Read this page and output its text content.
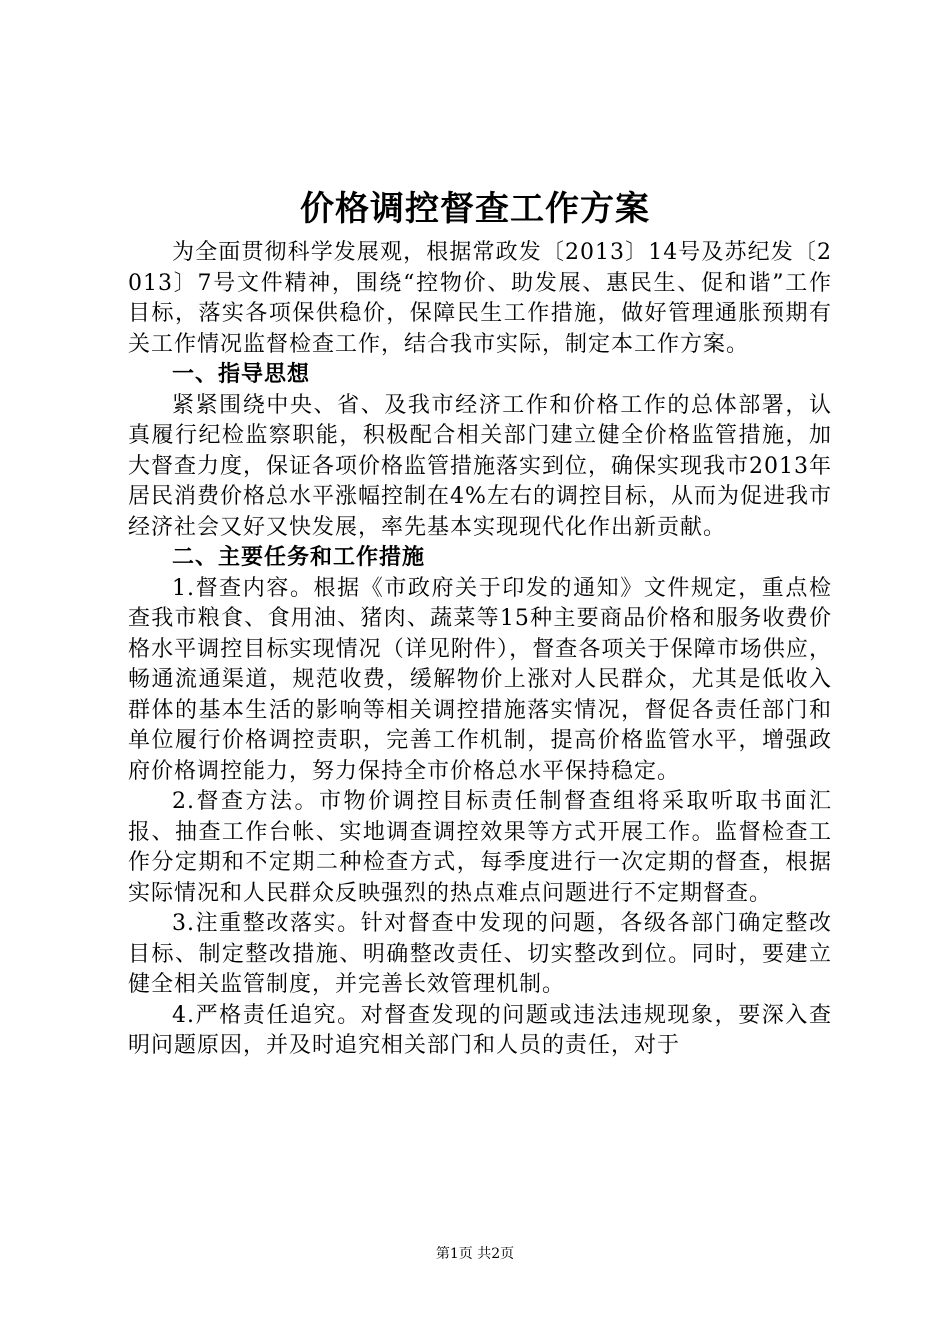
价格调控督查工作方案

为全面贯彻科学发展观，根据常政发〔2013〕14号及苏纪发〔2013〕7号文件精神，围绕“控物价、助发展、惠民生、促和谐”工作目标，落实各项保供稳价，保障民生工作措施，做好管理通胀预期有关工作情况监督检查工作，结合我市实际，制定本工作方案。

一、指导思想

紧紧围绕中央、省、及我市经济工作和价格工作的总体部署，认真履行纪检监察职能，积极配合相关部门建立健全价格监管措施，加大督查力度，保证各项价格监管措施落实到位，确保实现我市2013年居民消费价格总水平涨幅控制在4%左右的调控目标，从而为促进我市经济社会又好又快发展，率先基本实现现代化作出新贡献。

二、主要任务和工作措施

1.督查内容。根据《市政府关于印发的通知》文件规定，重点检查我市粮食、食用油、猪肉、蔬菜等15种主要商品价格和服务收费价格水平调控目标实现情况（详见附件），督查各项关于保障市场供应，畅通流通渠道，规范收费，缓解物价上涨对人民群众，尤其是低收入群体的基本生活的影响等相关调控措施落实情况，督促各责任部门和单位履行价格调控责职，完善工作机制，提高价格监管水平，增强政府价格调控能力，努力保持全市价格总水平保持稳定。

2.督查方法。市物价调控目标责任制督查组将采取听取书面汇报、抽查工作台帐、实地调查调控效果等方式开展工作。监督检查工作分定期和不定期二种检查方式，每季度进行一次定期的督查，根据实际情况和人民群众反映强烈的热点难点问题进行不定期督查。

3.注重整改落实。针对督查中发现的问题，各级各部门确定整改目标、制定整改措施、明确整改责任、切实整改到位。同时，要建立健全相关监管制度，并完善长效管理机制。

4.严格责任追究。对督查发现的问题或违法违规现象，要深入查明问题原因，并及时追究相关部门和人员的责任，对于

第1页 共2页
